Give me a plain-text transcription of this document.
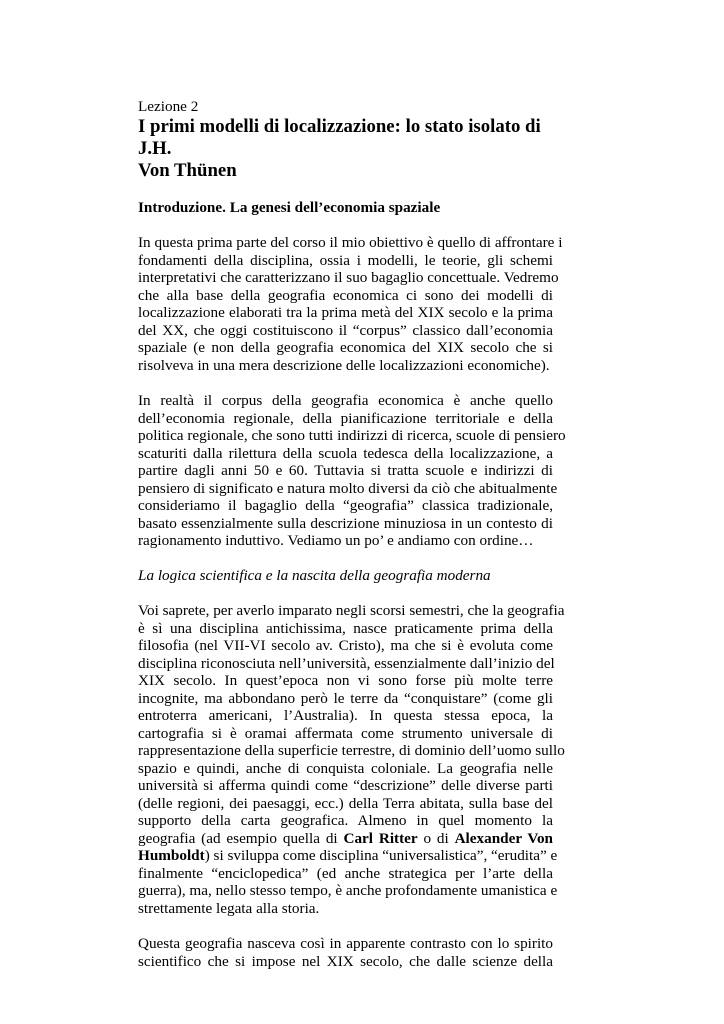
Lezione 2

I primi modelli di localizzazione: lo stato isolato di J.H.
Von Thünen

Introduzione. La genesi dell’economia spaziale

In questa prima parte del corso il mio obiettivo è quello di affrontare i
fondamenti della disciplina, ossia i modelli, le teorie, gli schemi
interpretativi che caratterizzano il suo bagaglio concettuale. Vedremo
che alla base della geografia economica ci sono dei modelli di
localizzazione elaborati tra la prima metà del XIX secolo e la prima
del XX, che oggi costituiscono il “corpus” classico dall’economia
spaziale (e non della geografia economica del XIX secolo che si
risolveva in una mera descrizione delle localizzazioni economiche).

In realtà il corpus della geografia economica è anche quello
dell’economia regionale, della pianificazione territoriale e della
politica regionale, che sono tutti indirizzi di ricerca, scuole di pensiero
scaturiti dalla rilettura della scuola tedesca della localizzazione, a
partire dagli anni 50 e 60. Tuttavia si tratta scuole e indirizzi di
pensiero di significato e natura molto diversi da ciò che abitualmente
consideriamo il bagaglio della “geografia” classica tradizionale,
basato essenzialmente sulla descrizione minuziosa in un contesto di
ragionamento induttivo. Vediamo un po’ e andiamo con ordine…

La logica scientifica e la nascita della geografia moderna

Voi saprete, per averlo imparato negli scorsi semestri, che la geografia
è sì una disciplina antichissima, nasce praticamente prima della
filosofia (nel VII-VI secolo av. Cristo), ma che si è evoluta come
disciplina riconosciuta nell’università, essenzialmente dall’inizio del
XIX secolo. In quest’epoca non vi sono forse più molte terre
incognite, ma abbondano però le terre da “conquistare” (come gli
entroterra americani, l’Australia). In questa stessa epoca, la
cartografia si è oramai affermata come strumento universale di
rappresentazione della superficie terrestre, di dominio dell’uomo sullo
spazio e quindi, anche di conquista coloniale. La geografia nelle
università si afferma quindi come “descrizione” delle diverse parti
(delle regioni, dei paesaggi, ecc.) della Terra abitata, sulla base del
supporto della carta geografica. Almeno in quel momento la
geografia (ad esempio quella di Carl Ritter o di Alexander Von
Humboldt) si sviluppa come disciplina “universalistica”, “erudita” e
finalmente “enciclopedica” (ed anche strategica per l’arte della
guerra), ma, nello stesso tempo, è anche profondamente umanistica e
strettamente legata alla storia.

Questa geografia nasceva così in apparente contrasto con lo spirito
scientifico che si impose nel XIX secolo, che dalle scienze della
